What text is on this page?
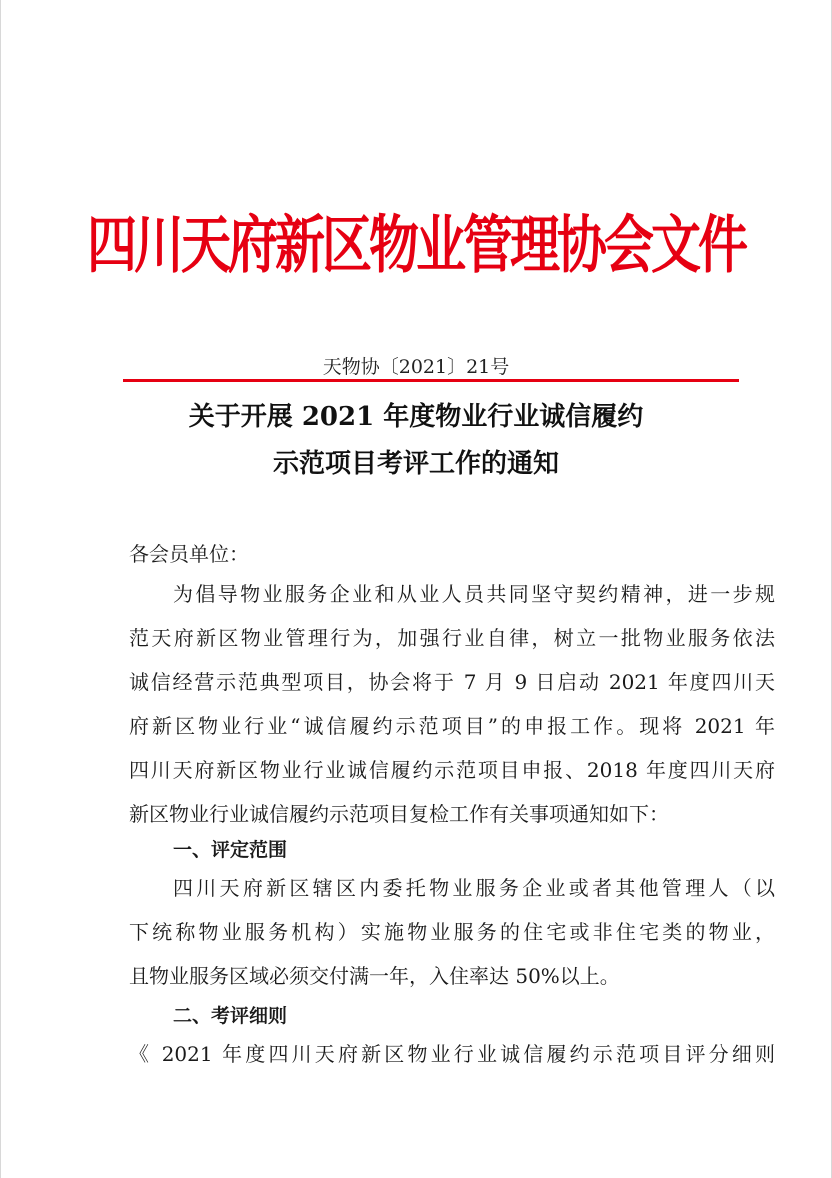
四川天府新区物业管理协会文件
天物协〔2021〕21号
关于开展 2021 年度物业行业诚信履约
示范项目考评工作的通知
各会员单位：
为倡导物业服务企业和从业人员共同坚守契约精神，进一步规
范天府新区物业管理行为，加强行业自律，树立一批物业服务依法
诚信经营示范典型项目，协会将于 7 月 9 日启动 2021 年度四川天
府新区物业行业“诚信履约示范项目”的申报工作。现将 2021 年
四川天府新区物业行业诚信履约示范项目申报、2018 年度四川天府
新区物业行业诚信履约示范项目复检工作有关事项通知如下：
一、评定范围
四川天府新区辖区内委托物业服务企业或者其他管理人（以
下统称物业服务机构）实施物业服务的住宅或非住宅类的物业，
且物业服务区域必须交付满一年，入住率达 50%以上。
二、考评细则
《 2021 年度四川天府新区物业行业诚信履约示范项目评分细则
